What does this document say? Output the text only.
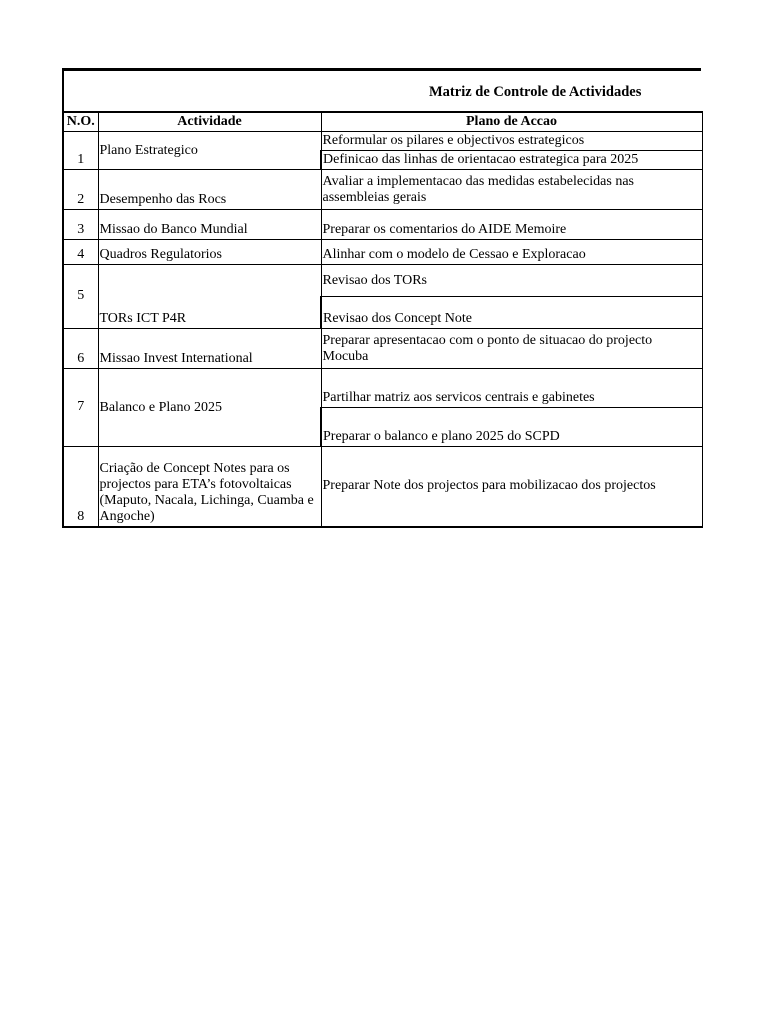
Matriz de Controle de Actividades
N.O.	Actividade	Plano de Accao
1	Plano Estrategico	Reformular os pilares e objectivos estrategicos
		Definicao das linhas de orientacao estrategica para 2025
2	Desempenho das Rocs	Avaliar a implementacao das medidas estabelecidas nas assembleias gerais
3	Missao do Banco Mundial	Preparar os comentarios do AIDE Memoire
4	Quadros Regulatorios	Alinhar com o modelo de Cessao e Exploracao
5	TORs ICT P4R	Revisao dos TORs
		Revisao dos Concept Note
6	Missao Invest International	Preparar apresentacao com o ponto de situacao do projecto Mocuba
7	Balanco e Plano 2025	Partilhar matriz aos servicos centrais e gabinetes
		Preparar o balanco e plano 2025 do SCPD
8	Criação de Concept Notes para os projectos para ETA’s fotovoltaicas (Maputo, Nacala, Lichinga, Cuamba e Angoche)	Preparar Note dos projectos para mobilizacao dos projectos
